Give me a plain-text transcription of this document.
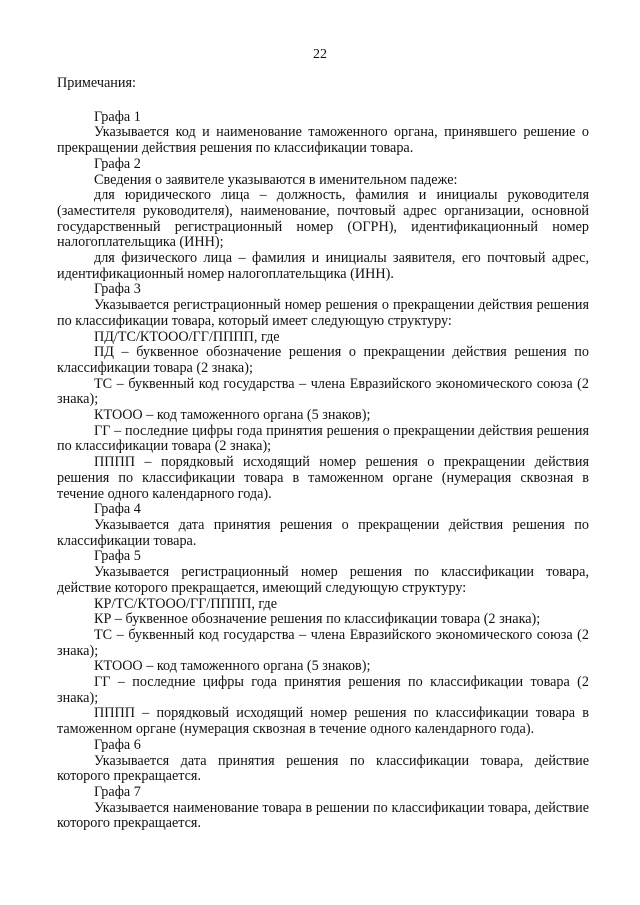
22

Примечания:

Графа 1

Указывается код и наименование таможенного органа, принявшего решение о прекращении действия решения по классификации товара.

Графа 2

Сведения о заявителе указываются в именительном падеже:

для юридического лица – должность, фамилия и инициалы руководителя (заместителя руководителя), наименование, почтовый адрес организации, основной государственный регистрационный номер (ОГРН), идентификационный номер налогоплательщика (ИНН);

для физического лица – фамилия и инициалы заявителя, его почтовый адрес, идентификационный номер налогоплательщика (ИНН).

Графа 3

Указывается регистрационный номер решения о прекращении действия решения по классификации товара, который имеет следующую структуру:

ПД/ТС/КТООО/ГГ/ПППП, где

ПД – буквенное обозначение решения о прекращении действия решения по классификации товара (2 знака);

ТС – буквенный код государства – члена Евразийского экономического союза (2 знака);

КТООО – код таможенного органа (5 знаков);

ГГ – последние цифры года принятия решения о прекращении действия решения по классификации товара (2 знака);

ПППП – порядковый исходящий номер решения о прекращении действия решения по классификации товара в таможенном органе (нумерация сквозная в течение одного календарного года).

Графа 4

Указывается дата принятия решения о прекращении действия решения по классификации товара.

Графа 5

Указывается регистрационный номер решения по классификации товара, действие которого прекращается, имеющий следующую структуру:

КР/ТС/КТООО/ГГ/ПППП, где

КР – буквенное обозначение решения по классификации товара (2 знака);

ТС – буквенный код государства – члена Евразийского экономического союза (2 знака);

КТООО – код таможенного органа (5 знаков);

ГГ – последние цифры года принятия решения по классификации товара (2 знака);

ПППП – порядковый исходящий номер решения по классификации товара в таможенном органе (нумерация сквозная в течение одного календарного года).

Графа 6

Указывается дата принятия решения по классификации товара, действие которого прекращается.

Графа 7

Указывается наименование товара в решении по классификации товара, действие которого прекращается.
